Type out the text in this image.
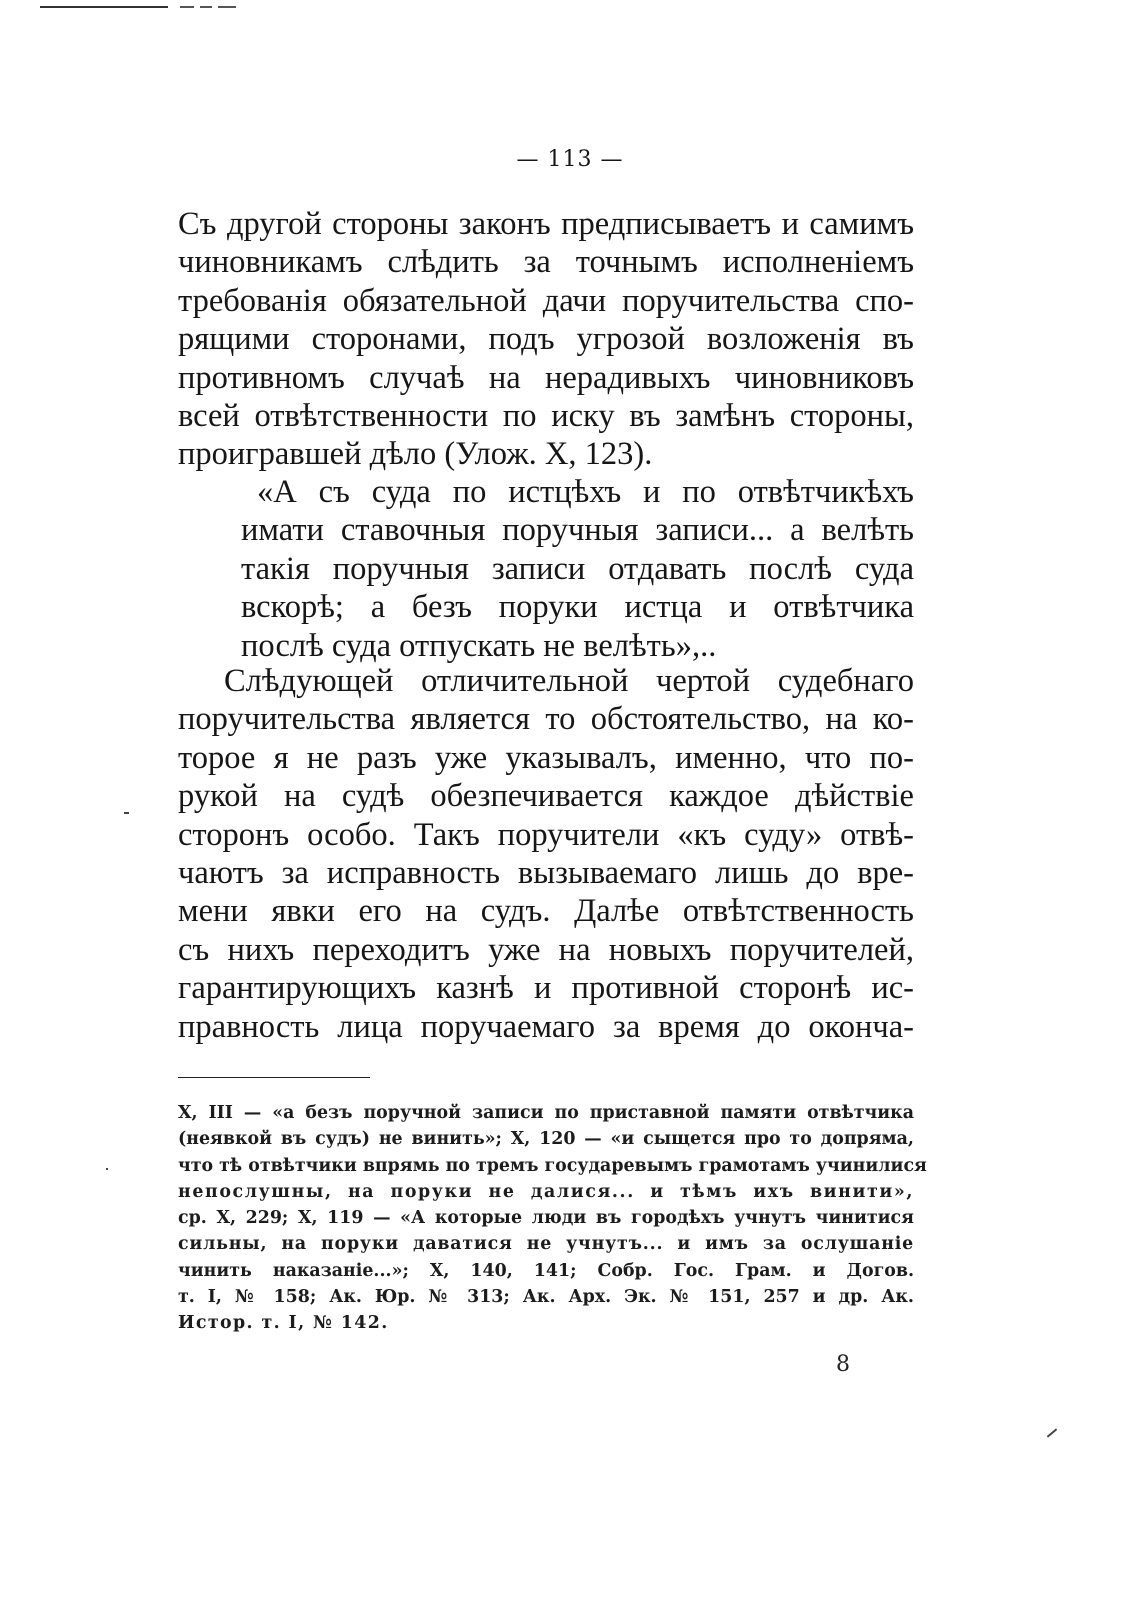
— 113 —
Съ другой стороны законъ предписываетъ и самимъ
чиновникамъ слѣдить за точнымъ исполненіемъ
требованія обязательной дачи поручительства спо-
рящими сторонами, подъ угрозой возложенія въ
противномъ случаѣ на нерадивыхъ чиновниковъ
всей отвѣтственности по иску въ замѣнъ стороны,
проигравшей дѣло (Улож. X, 123).
«А съ суда по истцѣхъ и по отвѣтчикѣхъ
имати ставочныя поручныя записи... а велѣть
такія поручныя записи отдавать послѣ суда
вскорѣ; а безъ поруки истца и отвѣтчика
послѣ суда отпускать не велѣть»,..
Слѣдующей отличительной чертой судебнаго
поручительства является то обстоятельство, на ко-
торое я не разъ уже указывалъ, именно, что по-
рукой на судѣ обезпечивается каждое дѣйствіе
сторонъ особо. Такъ поручители «къ суду» отвѣ-
чаютъ за исправность вызываемаго лишь до вре-
мени явки его на судъ. Далѣе отвѣтственность
съ нихъ переходитъ уже на новыхъ поручителей,
гарантирующихъ казнѣ и противной сторонѣ ис-
правность лица поручаемаго за время до оконча-
X, III — «а безъ поручной записи по приставной памяти отвѣтчика
(неявкой въ судъ) не винить»; X, 120 — «и сыщется про то допряма,
что тѣ отвѣтчики впрямь по тремъ государевымъ грамотамъ учинилися
непослушны, на поруки не далися... и тѣмъ ихъ винити»,
ср. X, 229; X, 119 — «А которые люди въ городѣхъ учнутъ чинитися
сильны, на поруки даватися не учнутъ... и имъ за ослушаніе
чинить наказаніе...»; X, 140, 141; Собр. Гос. Грам. и Догов.
т. I, № 158; Ак. Юр. № 313; Ак. Арх. Эк. № 151, 257 и др. Ак.
Истор. т. I, № 142.
8
